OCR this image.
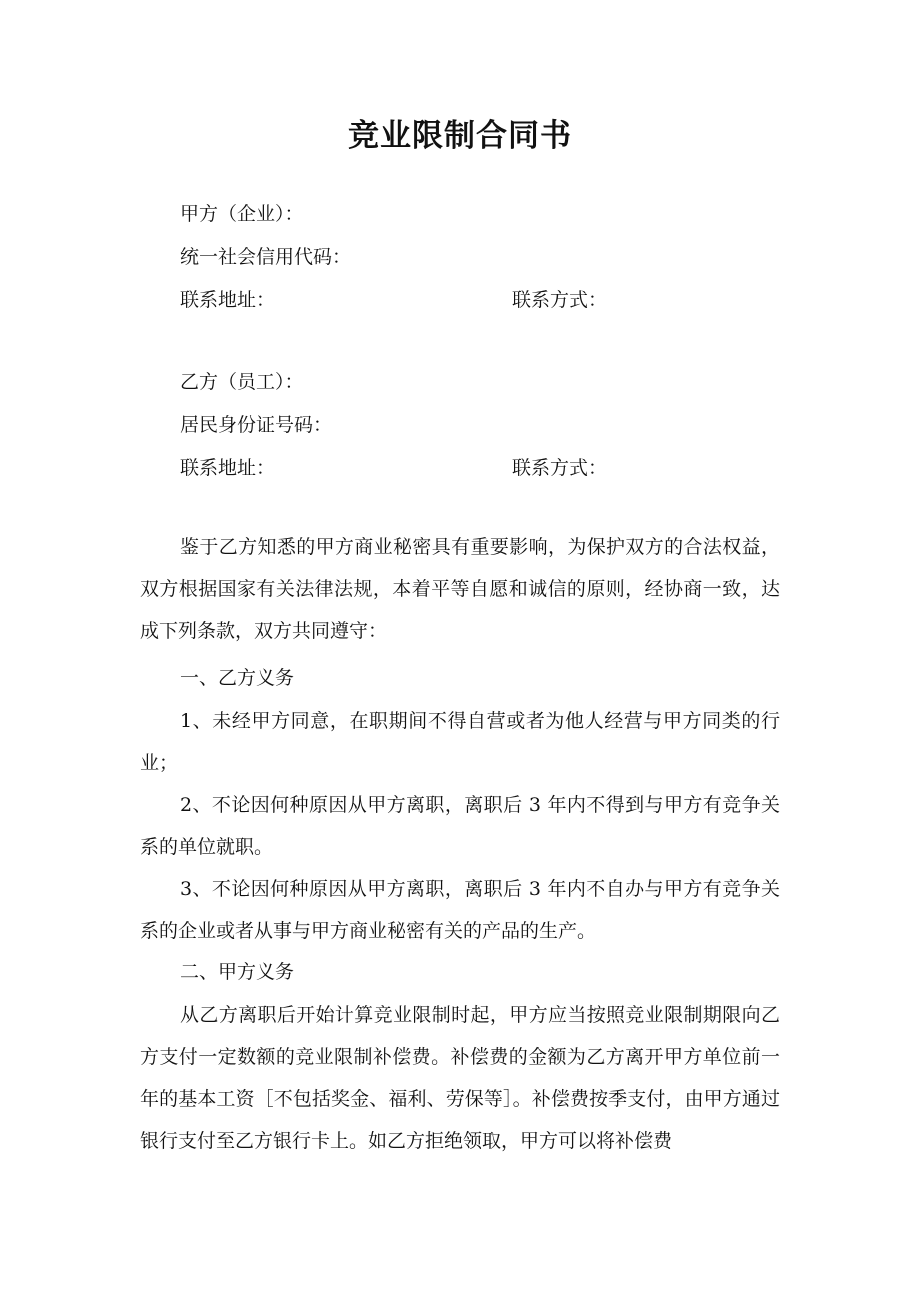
竞业限制合同书
甲方（企业）：
统一社会信用代码：
联系地址：	联系方式：
乙方（员工）：
居民身份证号码：
联系地址：	联系方式：
鉴于乙方知悉的甲方商业秘密具有重要影响，为保护双方的合法权益，双方根据国家有关法律法规，本着平等自愿和诚信的原则，经协商一致，达成下列条款，双方共同遵守：
一、乙方义务
1、未经甲方同意，在职期间不得自营或者为他人经营与甲方同类的行业；
2、不论因何种原因从甲方离职，离职后 3 年内不得到与甲方有竞争关系的单位就职。
3、不论因何种原因从甲方离职，离职后 3 年内不自办与甲方有竞争关系的企业或者从事与甲方商业秘密有关的产品的生产。
二、甲方义务
从乙方离职后开始计算竞业限制时起，甲方应当按照竞业限制期限向乙方支付一定数额的竞业限制补偿费。补偿费的金额为乙方离开甲方单位前一年的基本工资［不包括奖金、福利、劳保等］。补偿费按季支付，由甲方通过银行支付至乙方银行卡上。如乙方拒绝领取，甲方可以将补偿费
